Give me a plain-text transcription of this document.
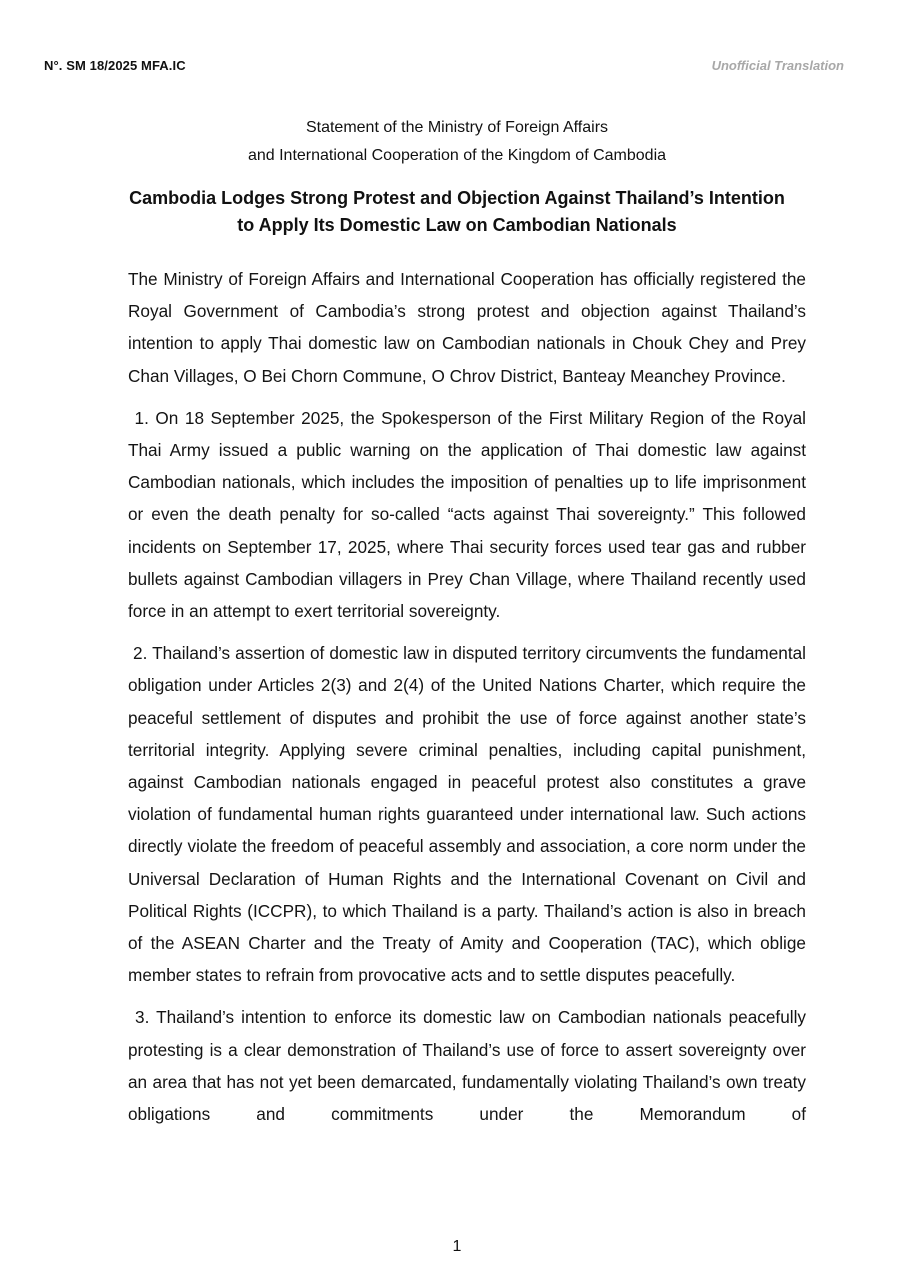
N°. SM 18/2025 MFA.IC	Unofficial Translation
Statement of the Ministry of Foreign Affairs
and International Cooperation of the Kingdom of Cambodia
Cambodia Lodges Strong Protest and Objection Against Thailand’s Intention
to Apply Its Domestic Law on Cambodian Nationals

The Ministry of Foreign Affairs and International Cooperation has officially registered the Royal Government of Cambodia’s strong protest and objection against Thailand’s intention to apply Thai domestic law on Cambodian nationals in Chouk Chey and Prey Chan Villages, O Bei Chorn Commune, O Chrov District, Banteay Meanchey Province.

1. On 18 September 2025, the Spokesperson of the First Military Region of the Royal Thai Army issued a public warning on the application of Thai domestic law against Cambodian nationals, which includes the imposition of penalties up to life imprisonment or even the death penalty for so-called “acts against Thai sovereignty.” This followed incidents on September 17, 2025, where Thai security forces used tear gas and rubber bullets against Cambodian villagers in Prey Chan Village, where Thailand recently used force in an attempt to exert territorial sovereignty.

2. Thailand’s assertion of domestic law in disputed territory circumvents the fundamental obligation under Articles 2(3) and 2(4) of the United Nations Charter, which require the peaceful settlement of disputes and prohibit the use of force against another state’s territorial integrity. Applying severe criminal penalties, including capital punishment, against Cambodian nationals engaged in peaceful protest also constitutes a grave violation of fundamental human rights guaranteed under international law. Such actions directly violate the freedom of peaceful assembly and association, a core norm under the Universal Declaration of Human Rights and the International Covenant on Civil and Political Rights (ICCPR), to which Thailand is a party. Thailand’s action is also in breach of the ASEAN Charter and the Treaty of Amity and Cooperation (TAC), which oblige member states to refrain from provocative acts and to settle disputes peacefully.

3. Thailand’s intention to enforce its domestic law on Cambodian nationals peacefully protesting is a clear demonstration of Thailand’s use of force to assert sovereignty over an area that has not yet been demarcated, fundamentally violating Thailand’s own treaty obligations and commitments under the Memorandum of

1
